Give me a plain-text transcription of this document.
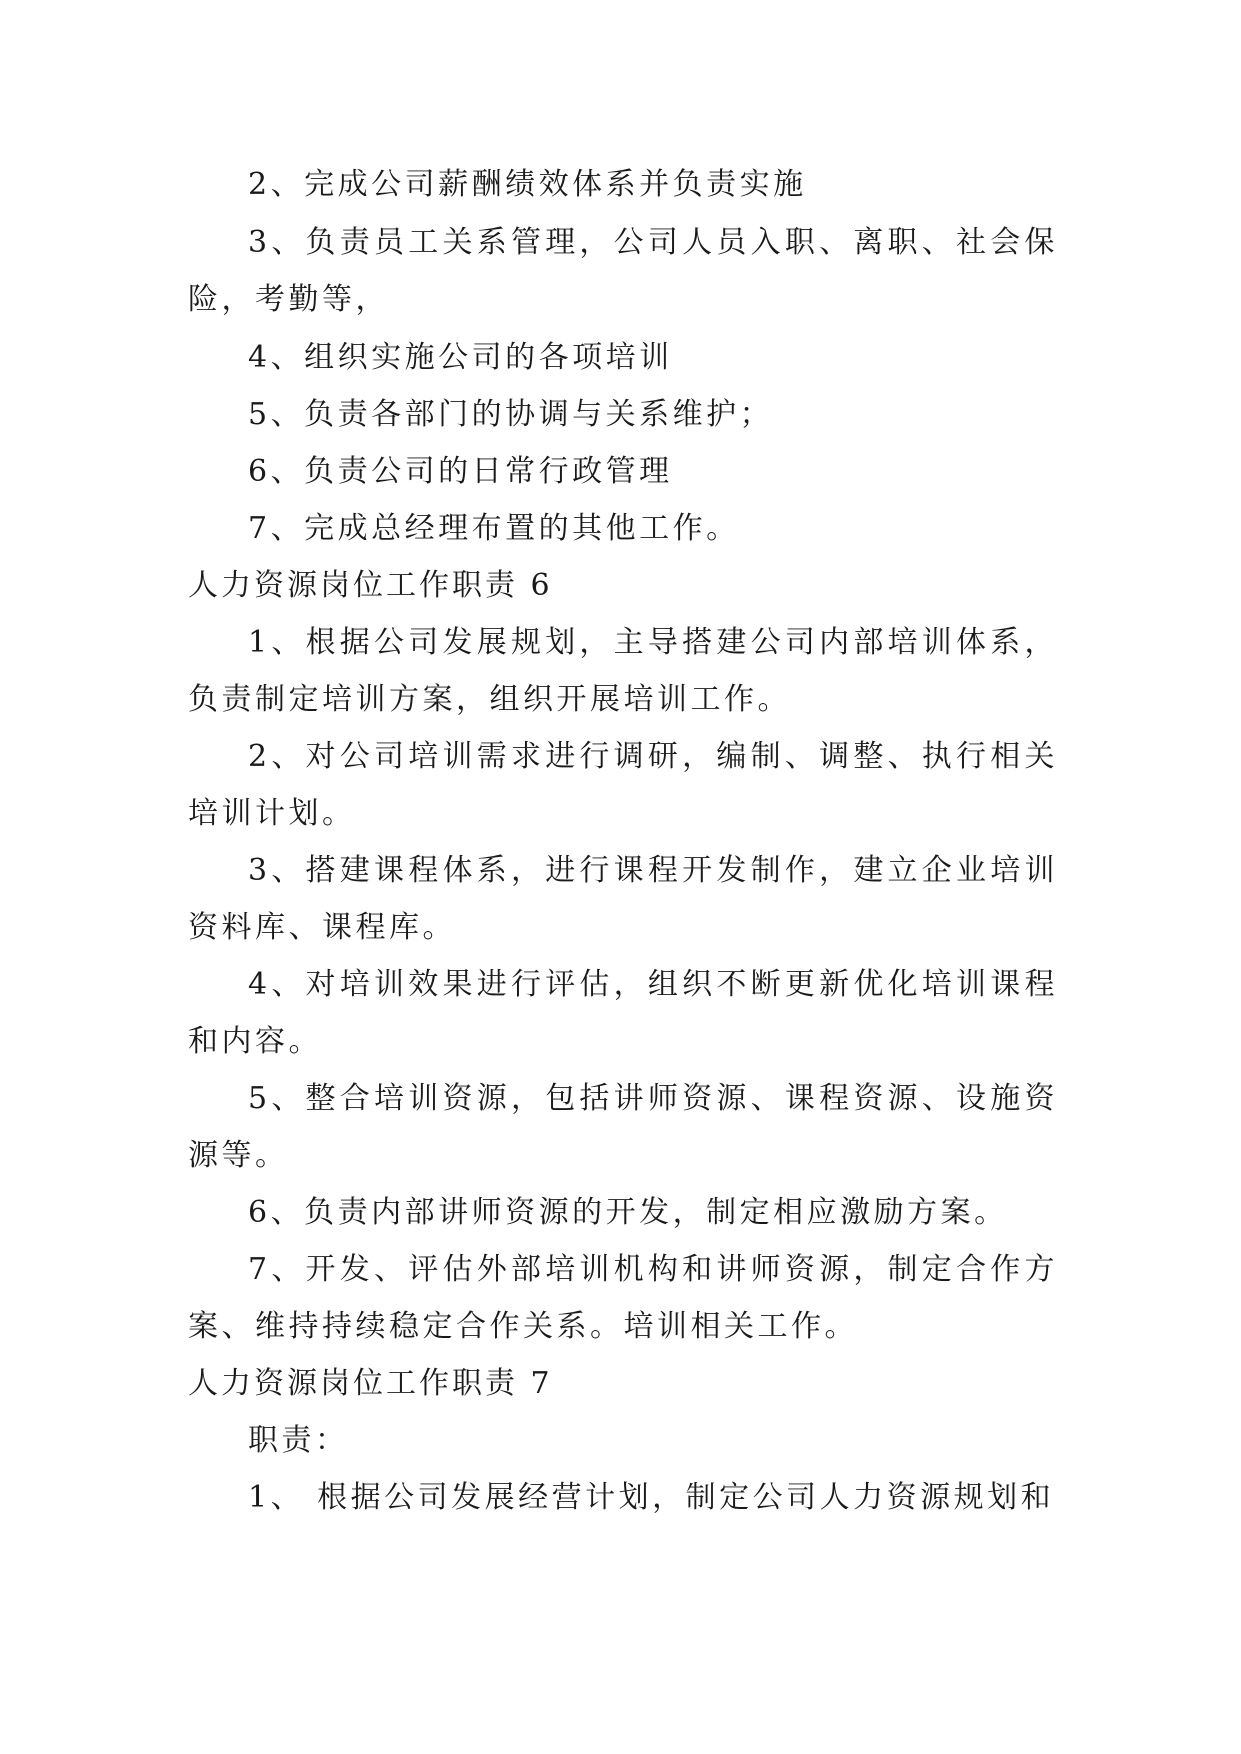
2、完成公司薪酬绩效体系并负责实施

3、负责员工关系管理，公司人员入职、离职、社会保险，考勤等，

4、组织实施公司的各项培训

5、负责各部门的协调与关系维护；

6、负责公司的日常行政管理

7、完成总经理布置的其他工作。

人力资源岗位工作职责 6

1、根据公司发展规划，主导搭建公司内部培训体系，负责制定培训方案，组织开展培训工作。

2、对公司培训需求进行调研，编制、调整、执行相关培训计划。

3、搭建课程体系，进行课程开发制作，建立企业培训资料库、课程库。

4、对培训效果进行评估，组织不断更新优化培训课程和内容。

5、整合培训资源，包括讲师资源、课程资源、设施资源等。

6、负责内部讲师资源的开发，制定相应激励方案。

7、开发、评估外部培训机构和讲师资源，制定合作方案、维持持续稳定合作关系。培训相关工作。

人力资源岗位工作职责 7

职责：

1、 根据公司发展经营计划，制定公司人力资源规划和
